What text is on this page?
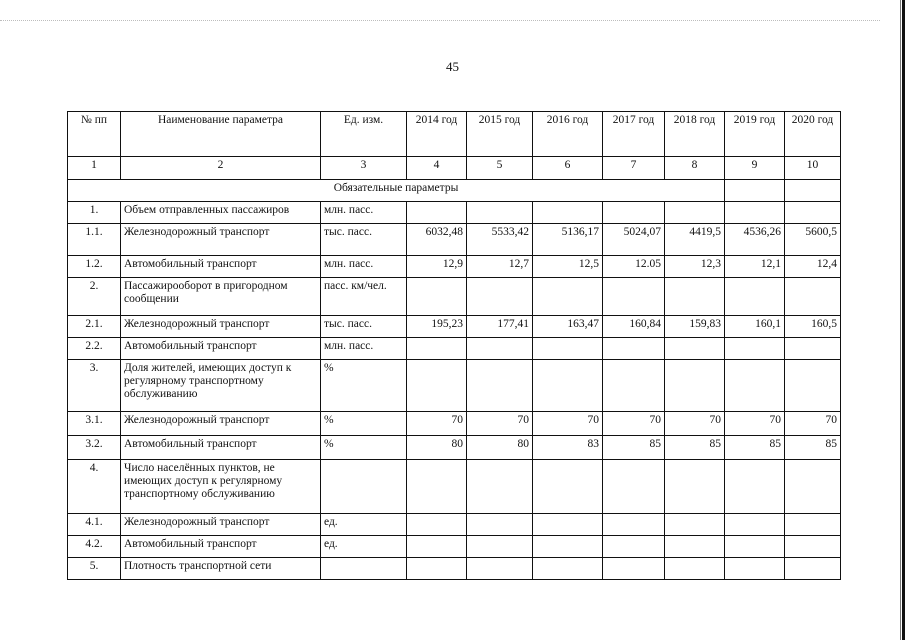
45
№ пп	Наименование параметра	Ед. изм.	2014 год	2015 год	2016 год	2017 год	2018 год	2019 год	2020 год
1	2	3	4	5	6	7	8	9	10
Обязательные параметры									
1.	Объем отправленных пассажиров	млн. пасс.							
1.1.	Железнодорожный транспорт	тыс. пасс.	6032,48	5533,42	5136,17	5024,07	4419,5	4536,26	5600,5
1.2.	Автомобильный транспорт	млн. пасс.	12,9	12,7	12,5	12.05	12,3	12,1	12,4
2.	Пассажирооборот в пригородном сообщении	пасс. км/чел.							
2.1.	Железнодорожный транспорт	тыс. пасс.	195,23	177,41	163,47	160,84	159,83	160,1	160,5
2.2.	Автомобильный транспорт	млн. пасс.							
3.	Доля жителей, имеющих доступ к регулярному транспортному обслуживанию	%							
3.1.	Железнодорожный транспорт	%	70	70	70	70	70	70	70
3.2.	Автомобильный транспорт	%	80	80	83	85	85	85	85
4.	Число населённых пунктов, не имеющих доступ к регулярному транспортному обслуживанию								
4.1.	Железнодорожный транспорт	ед.							
4.2.	Автомобильный транспорт	ед.							
5.	Плотность транспортной сети								
